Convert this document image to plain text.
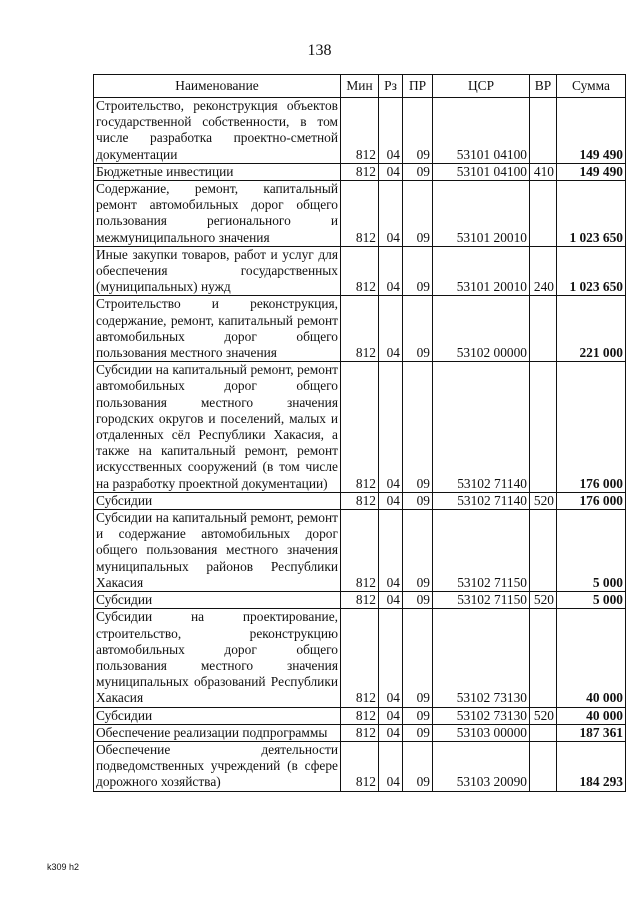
138
Наименование	Мин	Рз	ПР	ЦСР	ВР	Сумма
Строительство, реконструкция объектов государственной собственности, в том числе разработка проектно-сметной документации	812	04	09	53101 04100		149 490
Бюджетные инвестиции	812	04	09	53101 04100	410	149 490
Содержание, ремонт, капитальный ремонт автомобильных дорог общего пользования регионального и межмуниципального значения	812	04	09	53101 20010		1 023 650
Иные закупки товаров, работ и услуг для обеспечения государственных (муниципальных) нужд	812	04	09	53101 20010	240	1 023 650
Строительство и реконструкция, содержание, ремонт, капитальный ремонт автомобильных дорог общего пользования местного значения	812	04	09	53102 00000		221 000
Субсидии на капитальный ремонт, ремонт автомобильных дорог общего пользования местного значения городских округов и поселений, малых и отдаленных сёл Республики Хакасия, а также на капитальный ремонт, ремонт искусственных сооружений (в том числе на разработку проектной документации)	812	04	09	53102 71140		176 000
Субсидии	812	04	09	53102 71140	520	176 000
Субсидии на капитальный ремонт, ремонт и содержание автомобильных дорог общего пользования местного значения муниципальных районов Республики Хакасия	812	04	09	53102 71150		5 000
Субсидии	812	04	09	53102 71150	520	5 000
Субсидии на проектирование, строительство, реконструкцию автомобильных дорог общего пользования местного значения муниципальных образований Республики Хакасия	812	04	09	53102 73130		40 000
Субсидии	812	04	09	53102 73130	520	40 000
Обеспечение реализации подпрограммы	812	04	09	53103 00000		187 361
Обеспечение деятельности подведомственных учреждений (в сфере дорожного хозяйства)	812	04	09	53103 20090		184 293
k309 h2
